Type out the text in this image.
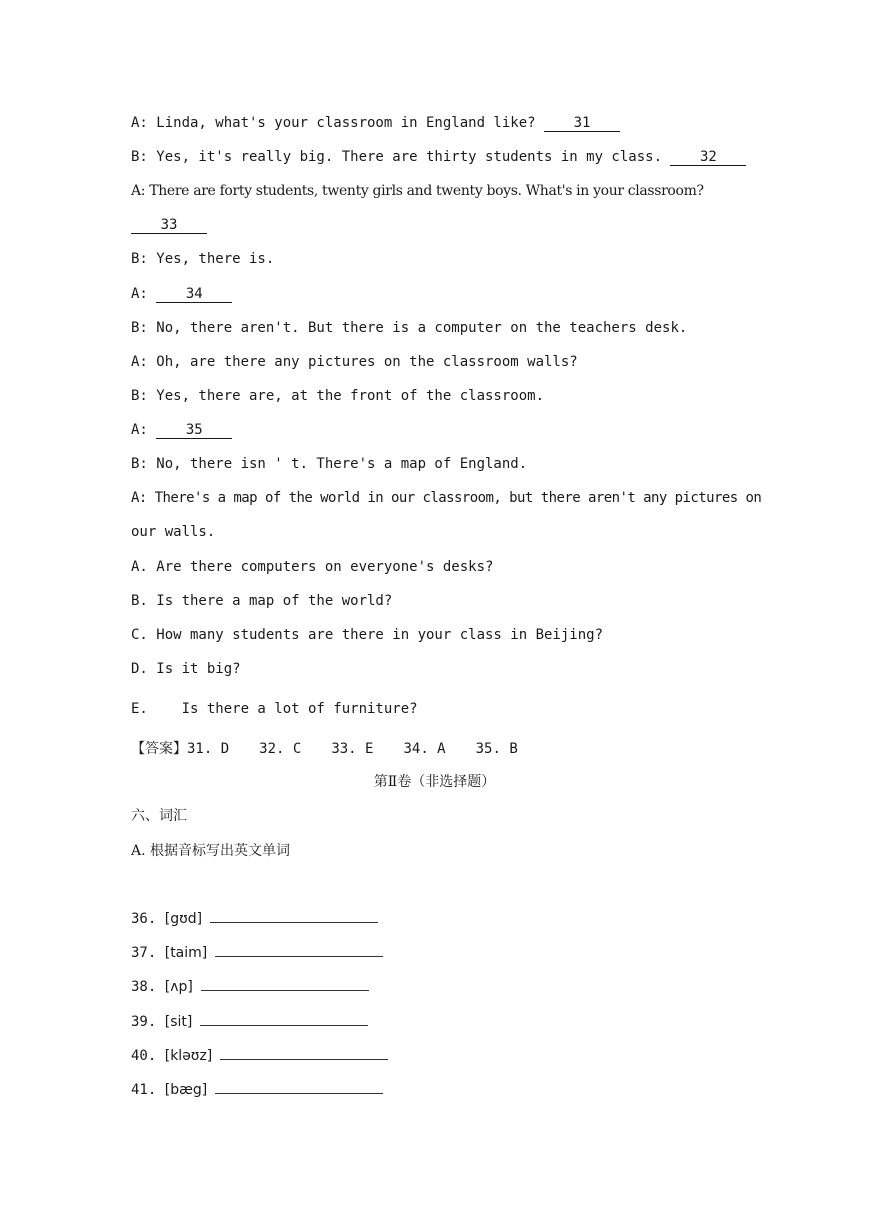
A: Linda, what's your classroom in England like? 31
B: Yes, it's really big. There are thirty students in my class. 32
A: There are forty students, twenty girls and twenty boys. What's in your classroom?
33
B: Yes, there is.
A: 34
B: No, there aren't. But there is a computer on the teachers desk.
A: Oh, are there any pictures on the classroom walls?
B: Yes, there are, at the front of the classroom.
A: 35
B: No, there isn ' t. There's a map of England.
A: There's a map of the world in our classroom, but there aren't any pictures on
our walls.
A. Are there computers on everyone's desks?
B. Is there a map of the world?
C. How many students are there in your class in Beijing?
D. Is it big?
E.    Is there a lot of furniture?
【答案】31. D 32. C 33. E 34. A 35. B
第Ⅱ卷（非选择题）
六、词汇
A. 根据音标写出英文单词
36. [gʊd]
37. [taim]
38. [ʌp]
39. [sit]
40. [kləʊz]
41. [bæg]
